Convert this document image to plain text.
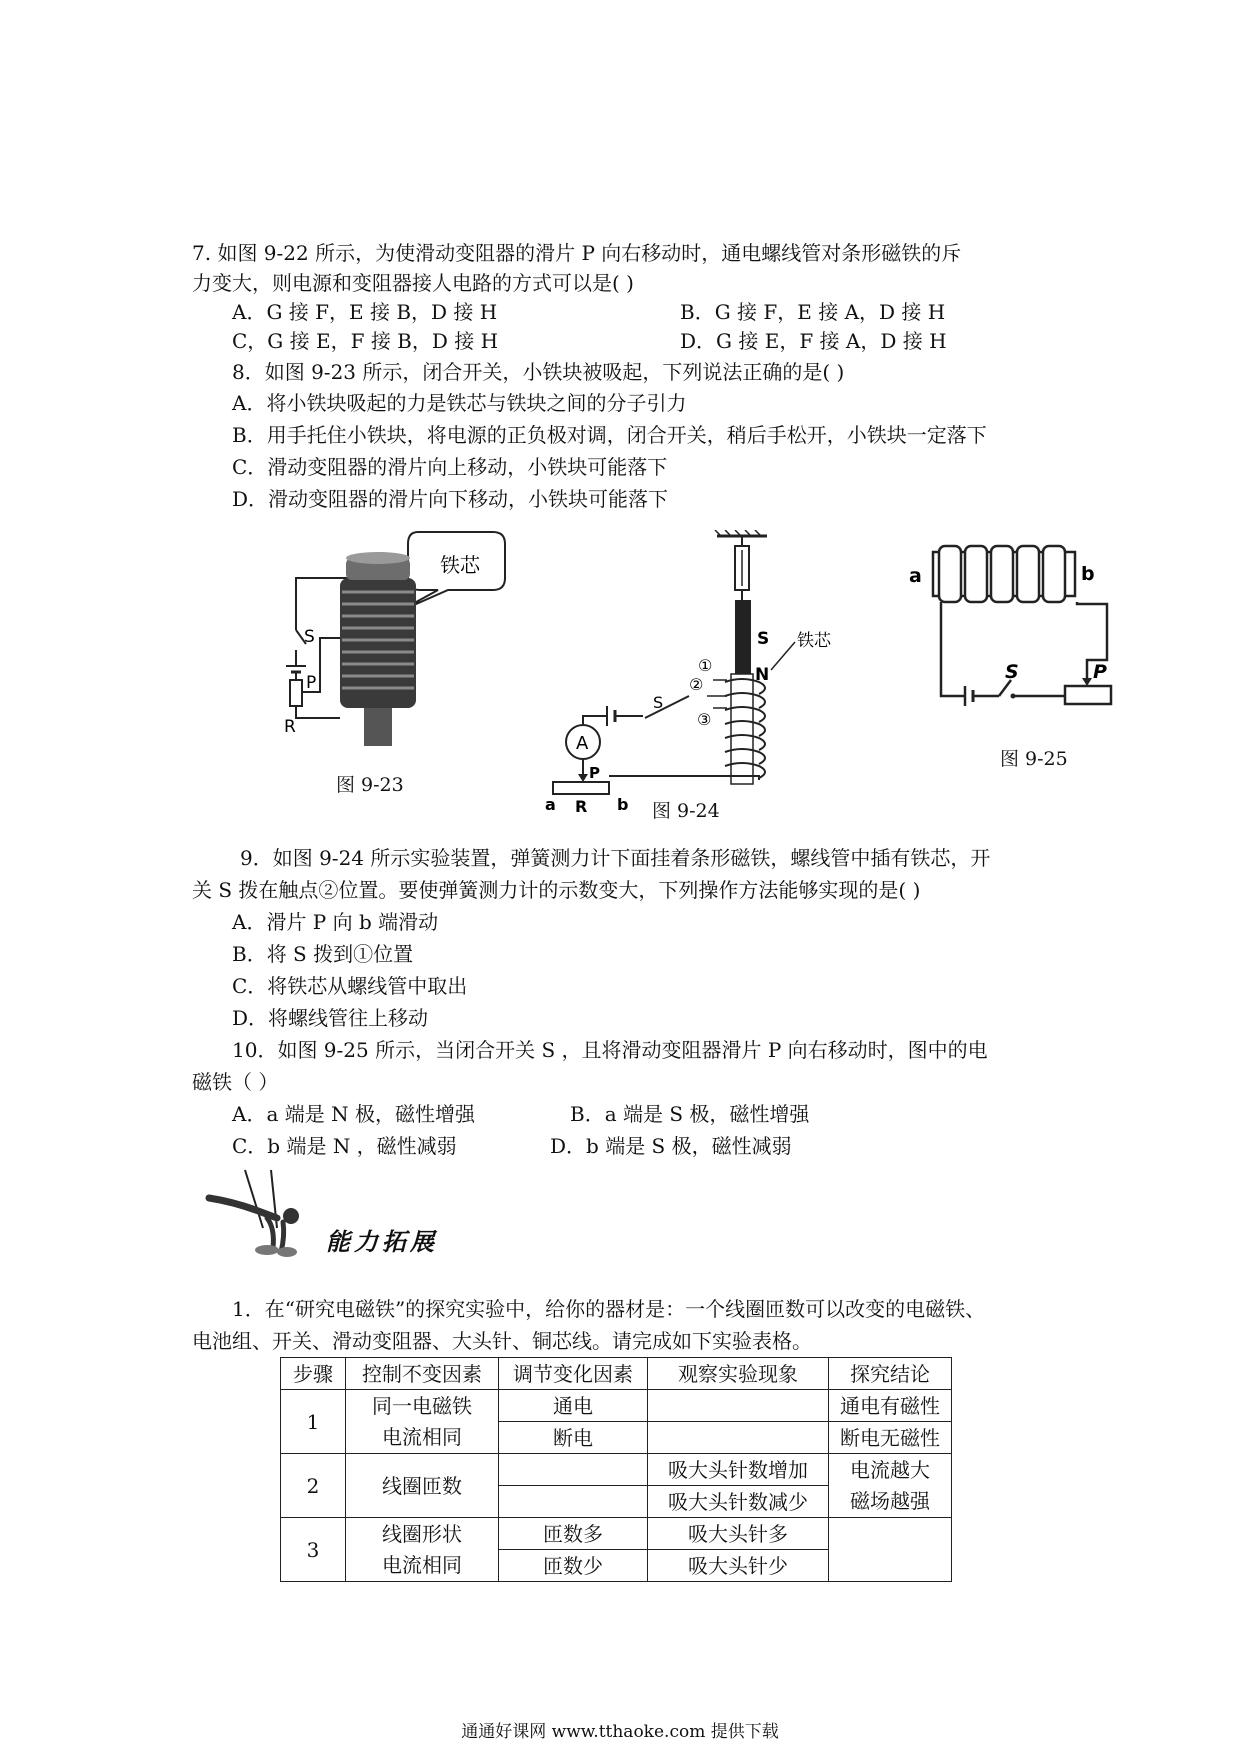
7. 如图 9-22 所示，为使滑动变阻器的滑片 P 向右移动时，通电螺线管对条形磁铁的斥
力变大，则电源和变阻器接人电路的方式可以是( )
A．G 接 F，E 接 B，D 接 H	B．G 接 F，E 接 A，D 接 H
C，G 接 E，F 接 B，D 接 H	D．G 接 E，F 接 A，D 接 H
8．如图 9-23 所示，闭合开关，小铁块被吸起，下列说法正确的是( )
A．将小铁块吸起的力是铁芯与铁块之间的分子引力
B．用手托住小铁块，将电源的正负极对调，闭合开关，稍后手松开，小铁块一定落下
C．滑动变阻器的滑片向上移动，小铁块可能落下
D．滑动变阻器的滑片向下移动，小铁块可能落下
铁芯
S
P
R
图 9-23
S
N
铁芯
①
②
③
S
A
P
a R b 图 9-24
a	b
S	P
图 9-25
9．如图 9-24 所示实验装置，弹簧测力计下面挂着条形磁铁，螺线管中插有铁芯，开
关 S 拨在触点②位置。要使弹簧测力计的示数变大，下列操作方法能够实现的是( )
A．滑片 P 向 b 端滑动
B．将 S 拨到①位置
C．将铁芯从螺线管中取出
D．将螺线管往上移动
10．如图 9-25 所示，当闭合开关 S ，且将滑动变阻器滑片 P 向右移动时，图中的电
磁铁（ ）
A．a 端是 N 极，磁性增强	B．a 端是 S 极，磁性增强
C．b 端是 N ，磁性减弱	D．b 端是 S 极，磁性减弱
能力拓展
1．在“研究电磁铁”的探究实验中，给你的器材是：一个线圈匝数可以改变的电磁铁、
电池组、开关、滑动变阻器、大头针、铜芯线。请完成如下实验表格。
步骤	控制不变因素	调节变化因素	观察实验现象	探究结论
1	同一电磁铁	通电		通电有磁性
	电流相同	断电		断电无磁性
2	线圈匝数		吸大头针数增加	电流越大
			吸大头针数减少	磁场越强
3	线圈形状	匝数多	吸大头针多	
	电流相同	匝数少	吸大头针少	
通通好课网 www.tthaoke.com 提供下载
